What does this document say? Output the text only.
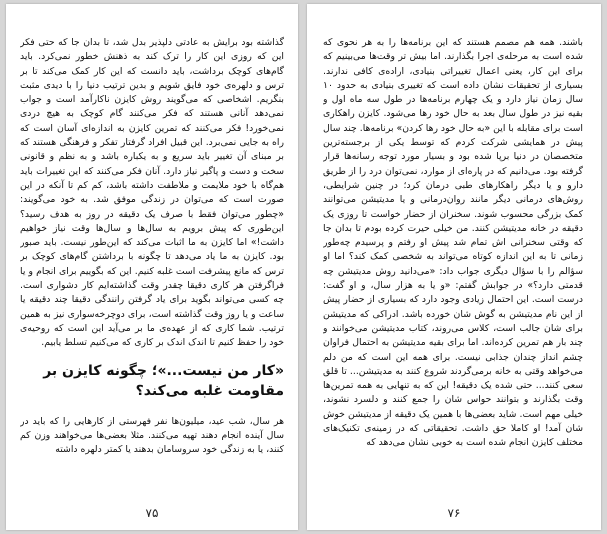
گذاشته بود برایش به عادتی دلپذیر بدل شد، تا بدان جا که حتی فکر این که روزی این کار را ترک کند به ذهنش خطور نمی‌کرد. باید گام‌های کوچک برداشت، باید دانست که این کار کمک می‌کند تا بر ترس و دلهره‌ی خود فایق شویم و بدین ترتیب دنیا را با دیدی مثبت بنگریم. اشخاصی که می‌گویند روش کایزن نا‌کارآمد است و جواب نمی‌دهد آنانی هستند که فکر می‌کنند گام کوچک به هیچ دردی نمی‌خورد! فکر می‌کنند که تمرین کایزن به اندازه‌ای آسان است که راه به جایی نمی‌برد. این قبیل افراد گرفتار تفکر و فرهنگی هستند که بر مبنای آن تغییر باید سریع و به یکباره باشد و به نظم و قانونی سخت و دست و پاگیر نیاز دارد. آنان فکر می‌کنند که این تغییرات باید هم‌گاه با خود ملایمت و ملاطفت داشته باشد، کم کم تا آنکه در این صورت است که می‌توان در زندگی موفق شد. به خود می‌گویند: «چطور می‌توان فقط با صرف یک دقیقه در روز به هدف رسید؟ این‌طوری که پیش برویم به سال‌ها و سال‌ها وقت نیاز خواهیم داشت!» اما کایزن به ما اثبات می‌کند که این‌طور نیست. باید صبور بود. کایزن به ما یاد می‌دهد تا چگونه با برداشتن گام‌های کوچک بر ترس که مانع پیشرفت است غلبه کنیم. این که بگوییم برای انجام و یا فراگرفتن هر کاری دقیقا چقدر وقت گذاشته‌ایم کار دشواری است. چه کسی می‌تواند بگوید برای یاد گرفتن رانندگی دقیقا چند دقیقه یا ساعت و یا روز وقت گذاشته است، برای دوچرخه‌سواری نیز به همین ترتیب. شما کاری که از عهده‌ی ما بر می‌آید این است که روحیه‌ی خود را حفظ کنیم تا اندک اندک بر کاری که می‌کنیم تسلط یابیم.

«کار من نیست...»؛ چگونه کایزن بر مقاومت غلبه می‌کند؟

هر سال، شب عید، میلیون‌ها نفر فهرستی از کارهایی را که باید در سال آینده انجام دهند تهیه می‌کنند. مثلا بعضی‌ها می‌خواهند وزن کم کنند، یا به زندگی خود سروسامان بدهند یا کمتر دلهره داشته

۷۵

باشند. همه هم مصمم هستند که این برنامه‌ها را به هر نحوی که شده است به مرحله‌ی اجرا بگذارند. اما بیش تر وقت‌ها می‌بینیم که برای این کار، یعنی اعمال تغییراتی بنیادی، اراده‌ی کافی ندارند. بسیاری از تحقیقات نشان داده است که تغییری بنیادی به حدود ۱۰ سال زمان نیاز دارد و یک چهارم برنامه‌ها در طول سه ماه اول و بقیه نیز در طول سال بعد به حال خود رها می‌شود. کایزن راهکاری است برای مقابله با این «به حال خود رها کردن» برنامه‌ها. چند سال پیش در همایشی شرکت کردم که توسط یکی از برجسته‌ترین متخصصان در دنیا برپا شده بود و بسیار مورد توجه رسانه‌ها قرار گرفته بود. می‌دانیم که در پاره‌ای از موارد، نمی‌توان درد را از طریق دارو و یا دیگر راهکارهای طبی درمان کرد؛ در چنین شرایطی، روش‌های درمانی دیگر مانند روان‌درمانی و یا مدیتیشن می‌توانند کمک بزرگی محسوب شوند. سخنران از حضار خواست تا روزی یک دقیقه در خانه مدیتیشن کنند. من خیلی حیرت کرده بودم تا بدان جا که وقتی سخنرانی اش تمام شد پیش او رفتم و پرسیدم چه‌طور زمانی تا به این اندازه کوتاه می‌تواند به شخصی کمک کند؟ اما او سؤالم را با سؤال دیگری جواب داد: «می‌دانید روش مدیتیشن چه قدمتی دارد؟» در جوابش گفتم: «و یا به هزار سال، و او گفت: درست است. این احتمال زیادی وجود دارد که بسیاری از حضار پیش از این نام مدیتیشن به گوش شان خورده باشد. ادراکی که مدیتیشن برای شان جالب است، کلاس می‌روند، کتاب مدیتیشن می‌خوانند و چند بار هم تمرین کرده‌اند. اما برای بقیه مدیتیشن به احتمال فراوان چشم انداز چندان جذابی نیست. برای همه این است که من دلم می‌خواهد وقتی به خانه برمی‌گردند شروع کنند به مدیتیشن... تا قلق سعی کنند... حتی شده یک دقیقه! این که به تنهایی به همه تمرین‌ها وقت بگذارند و بتوانند حواس شان را جمع کنند و دلسرد نشوند، خیلی مهم است. شاید بعضی‌ها با همین یک دقیقه از مدیتیشن خوش شان آمد! او کاملا حق داشت. تحقیقاتی که در زمینه‌ی تکنیک‌های مختلف کایزن انجام شده است به خوبی نشان می‌دهد که

۷۶
